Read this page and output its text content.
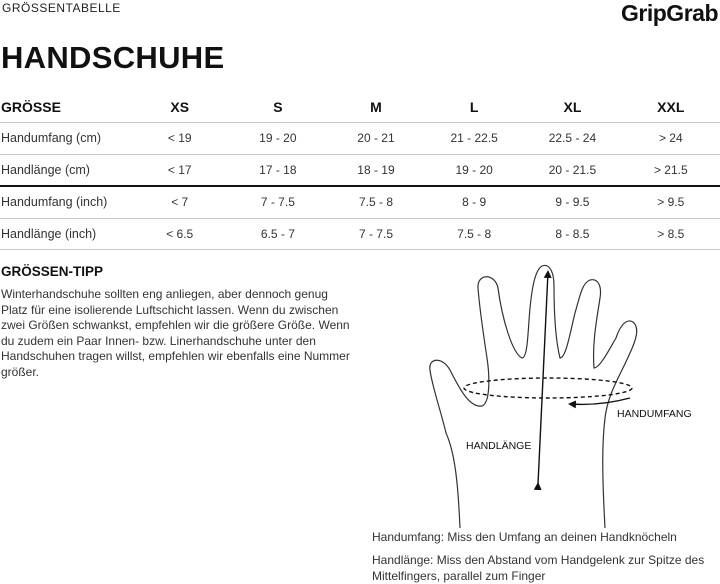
GRÖSSENTABELLE	GripGrab
HANDSCHUHE
GRÖSSE	XS	S	M	L	XL	XXL
Handumfang (cm)	< 19	19 - 20	20 - 21	21 - 22.5	22.5 - 24	> 24
Handlänge (cm)	< 17	17 - 18	18 - 19	19 - 20	20 - 21.5	> 21.5
Handumfang (inch)	< 7	7 - 7.5	7.5 - 8	8 - 9	9 - 9.5	> 9.5
Handlänge (inch)	< 6.5	6.5 - 7	7 - 7.5	7.5 - 8	8 - 8.5	> 8.5
GRÖSSEN-TIPP
Winterhandschuhe sollten eng anliegen, aber dennoch genug Platz für eine isolierende Luftschicht lassen. Wenn du zwischen zwei Größen schwankst, empfehlen wir die größere Größe. Wenn du zudem ein Paar Innen- bzw. Linerhandschuhe unter den Handschuhen tragen willst, empfehlen wir ebenfalls eine Nummer größer.
HANDUMFANG
HANDLÄNGE
Handumfang: Miss den Umfang an deinen Handknöcheln
Handlänge: Miss den Abstand vom Handgelenk zur Spitze des Mittelfingers, parallel zum Finger
